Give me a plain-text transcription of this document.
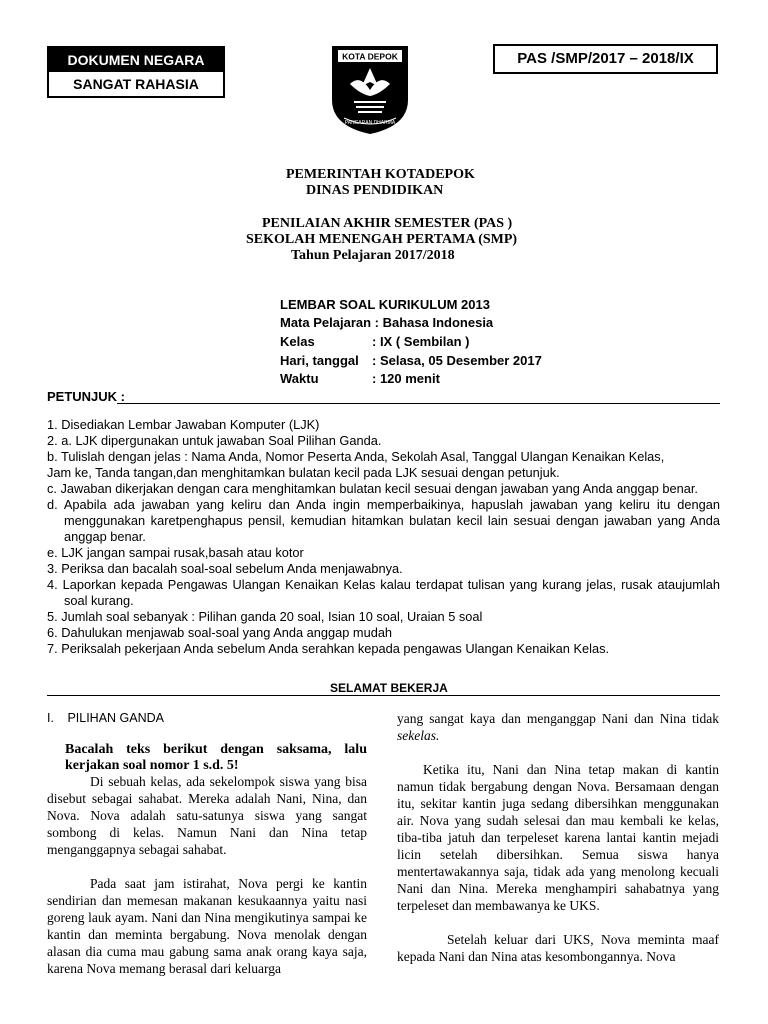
DOKUMEN NEGARA
SANGAT RAHASIA
KOTA DEPOK
PANCARAN DHARMA
PAS /SMP/2017 – 2018/IX
PEMERINTAH KOTADEPOK
DINAS PENDIDIKAN
PENILAIAN AKHIR SEMESTER (PAS )
SEKOLAH MENENGAH PERTAMA (SMP)
Tahun Pelajaran 2017/2018
LEMBAR SOAL KURIKULUM 2013
Mata Pelajaran : Bahasa Indonesia
Kelas	: IX ( Sembilan )
Hari, tanggal : Selasa, 05 Desember 2017
Waktu	: 120 menit
PETUNJUK :

1. Disediakan Lembar Jawaban Komputer (LJK)

2. a. LJK dipergunakan untuk jawaban Soal Pilihan Ganda.

b. Tulislah dengan jelas : Nama Anda, Nomor Peserta Anda, Sekolah Asal, Tanggal Ulangan Kenaikan Kelas,

Jam ke, Tanda tangan,dan menghitamkan bulatan kecil pada LJK sesuai dengan petunjuk.

c. Jawaban dikerjakan dengan cara menghitamkan bulatan kecil sesuai dengan jawaban yang Anda anggap benar.

d. Apabila ada jawaban yang keliru dan Anda ingin memperbaikinya, hapuslah jawaban yang keliru itu dengan

menggunakan karetpenghapus pensil, kemudian hitamkan bulatan kecil lain sesuai dengan jawaban yang Anda

anggap benar.

e. LJK jangan sampai rusak,basah atau kotor

3. Periksa dan bacalah soal-soal sebelum Anda menjawabnya.

4. Laporkan kepada Pengawas Ulangan Kenaikan Kelas kalau terdapat tulisan yang kurang jelas, rusak ataujumlah

soal kurang.

5. Jumlah soal sebanyak : Pilihan ganda 20 soal, Isian 10 soal, Uraian 5 soal

6. Dahulukan menjawab soal-soal yang Anda anggap mudah

7. Periksalah pekerjaan Anda sebelum Anda serahkan kepada pengawas Ulangan Kenaikan Kelas.

SELAMAT BEKERJA
I. PILIHAN GANDA
Bacalah teks berikut dengan saksama, lalu kerjakan soal nomor 1 s.d. 5!

Di sebuah kelas, ada sekelompok siswa yang bisa disebut sebagai sahabat. Mereka adalah Nani, Nina, dan Nova. Nova adalah satu-satunya siswa yang sangat sombong di kelas. Namun Nani dan Nina tetap menganggapnya sebagai sahabat.

Pada saat jam istirahat, Nova pergi ke kantin sendirian dan memesan makanan kesukaannya yaitu nasi goreng lauk ayam. Nani dan Nina mengikutinya sampai ke kantin dan meminta bergabung. Nova menolak dengan alasan dia cuma mau gabung sama anak orang kaya saja, karena Nova memang berasal dari keluarga

yang sangat kaya dan menganggap Nani dan Nina tidak sekelas.

Ketika itu, Nani dan Nina tetap makan di kantin namun tidak bergabung dengan Nova. Bersamaan dengan itu, sekitar kantin juga sedang dibersihkan menggunakan air. Nova yang sudah selesai dan mau kembali ke kelas, tiba-tiba jatuh dan terpeleset karena lantai kantin mejadi licin setelah dibersihkan. Semua siswa hanya mentertawakannya saja, tidak ada yang menolong kecuali Nani dan Nina. Mereka menghampiri sahabatnya yang terpeleset dan membawanya ke UKS.

Setelah keluar dari UKS, Nova meminta maaf kepada Nani dan Nina atas kesombongannya. Nova
